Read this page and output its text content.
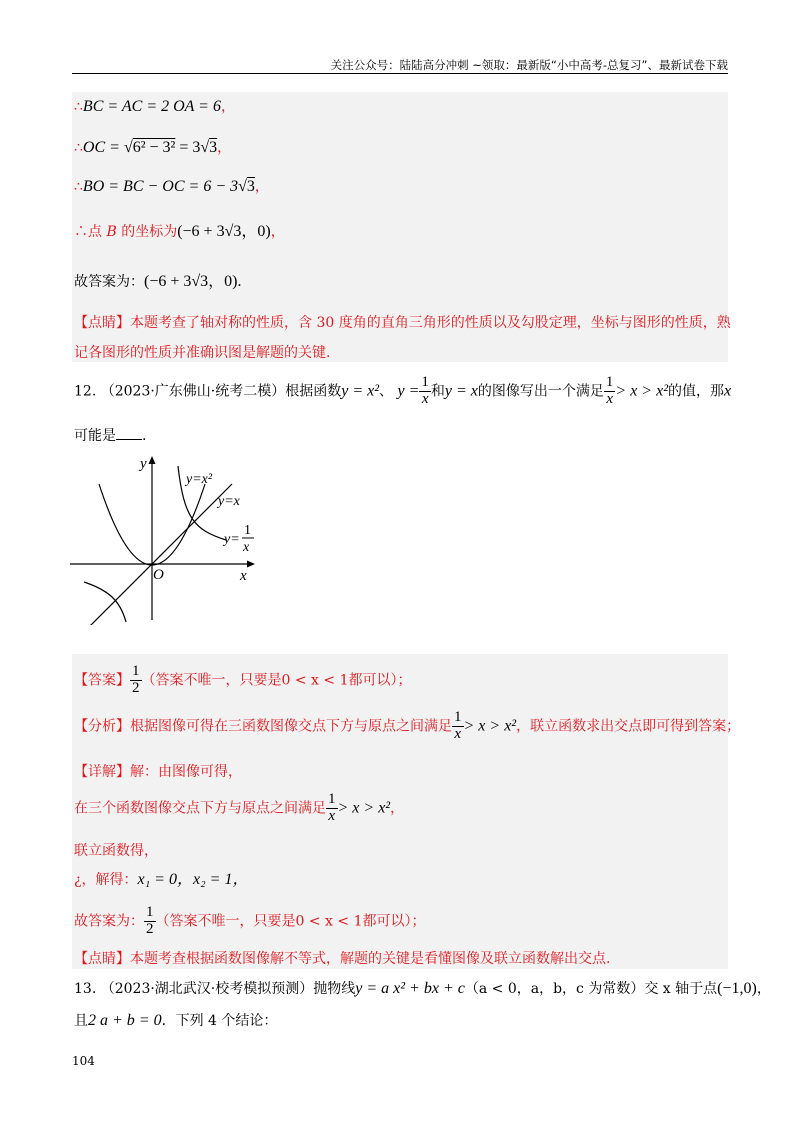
关注公众号：陆陆高分冲刺 ~领取：最新版“小中高考-总复习”、最新试卷下载
∴BC = AC = 2 OA = 6，
∴OC = √6² − 3² = 3√3，
∴BO = BC − OC = 6 − 3√3，
∴点 B 的坐标为(−6 + 3√3，0)，
故答案为：(−6 + 3√3，0).
【点睛】本题考查了轴对称的性质，含 30 度角的直角三角形的性质以及勾股定理，坐标与图形的性质，熟
记各图形的性质并准确识图是解题的关键.
12. （2023·广东佛山·统考二模）根据函数y = x²、 $y = \frac{1}{x}$ 和y = x的图像写出一个满足 $\frac{1}{x} > x > x^2$的值，那x
可能是 .
y
x
O
y=x²
y=x
y=
1
x
【答案】 $\frac{1}{2}$ （答案不唯一，只要是0 < x < 1都可以）；
【分析】根据图像可得在三函数图像交点下方与原点之间满足 $\frac{1}{x} > x > x^2$，联立函数求出交点即可得到答案；
【详解】解：由图像可得，
在三个函数图像交点下方与原点之间满足 $\frac{1}{x} > x > x^2$，
联立函数得，
¿，解得：x₁ = 0，x₂ = 1，
故答案为： $\frac{1}{2}$ （答案不唯一，只要是0 < x < 1都可以）；
【点睛】本题考查根据函数图像解不等式，解题的关键是看懂图像及联立函数解出交点.
13. （2023·湖北武汉·校考模拟预测）抛物线y = a x² + bx + c（a < 0，a，b，c 为常数）交 x 轴于点(−1,0)，
且2 a + b = 0．下列 4 个结论：
104
